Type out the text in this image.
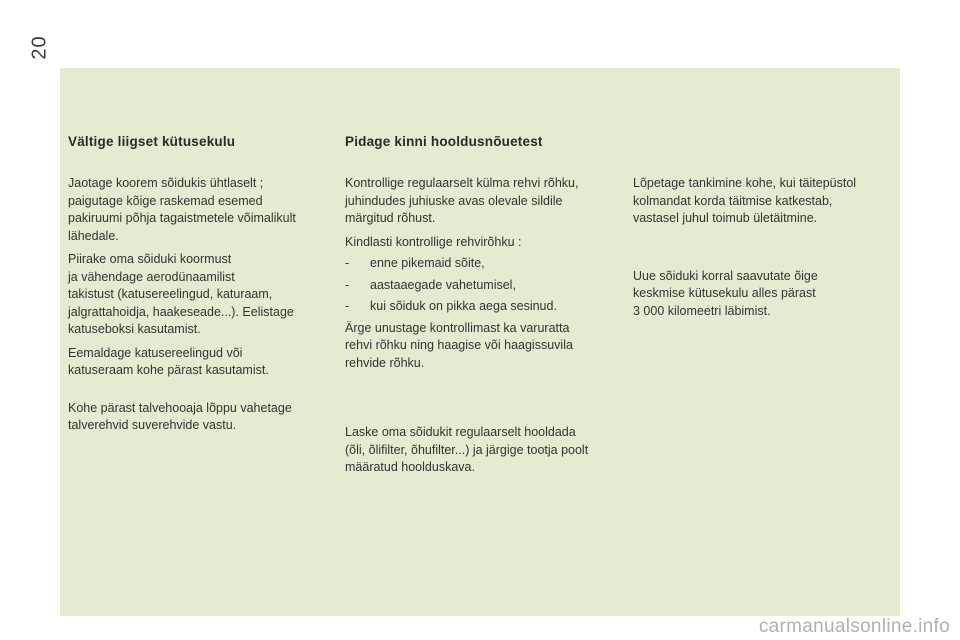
20
Vältige liigset kütusekulu

Jaotage koorem sõidukis ühtlaselt ;
paigutage kõige raskemad esemed
pakiruumi põhja tagaistmetele võimalikult
lähedale.

Piirake oma sõiduki koormust
ja vähendage aerodünaamilist
takistust (katusereelingud, katuraam,
jalgrattahoidja, haakeseade...). Eelistage
katuseboksi kasutamist.

Eemaldage katusereelingud või
katuseraam kohe pärast kasutamist.

Kohe pärast talvehooaja lõppu vahetage
talverehvid suverehvide vastu.

Pidage kinni hooldusnõuetest

Kontrollige regulaarselt külma rehvi rõhku,
juhindudes juhiuske avas olevale sildile
märgitud rõhust.

Kindlasti kontrollige rehvirõhku :

-	enne pikemaid sõite,
-	aastaaegade vahetumisel,
-	kui sõiduk on pikka aega sesinud.

Ärge unustage kontrollimast ka varuratta
rehvi rõhku ning haagise või haagissuvila
rehvide rõhku.

Laske oma sõidukit regulaarselt hooldada
(õli, õlifilter, õhufilter...) ja järgige tootja poolt
määratud hoolduskava.

Lõpetage tankimine kohe, kui täitepüstol
kolmandat korda täitmise katkestab,
vastasel juhul toimub ületäitmine.

Uue sõiduki korral saavutate õige
keskmise kütusekulu alles pärast
3 000 kilomeetri läbimist.

carmanualsonline.info
